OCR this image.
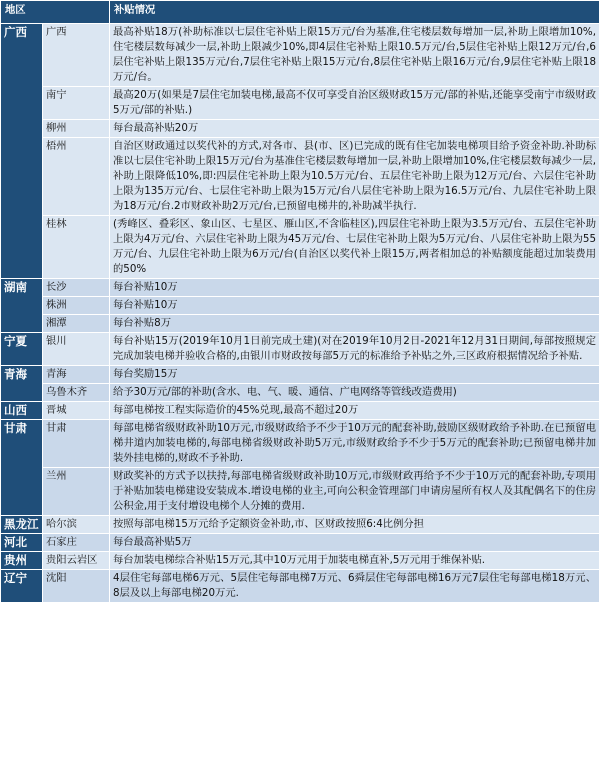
地区		补贴情况
广西	广西	最高补贴18万(补助标准以七层住宅补贴上限15万元/台为基准,住宅楼层数每增加一层,补助上限增加10%,住宅楼层数每减少一层,补助上限减少10%,即4层住宅补贴上限10.5万元/台,5层住宅补贴上限12万元/台,6层住宅补贴上限135万元/台,7层住宅补贴上限15万元/台,8层住宅补贴上限16万元/台,9层住宅补贴上限18万元/台。
	南宁	最高20万(如果是7层住宅加装电梯,最高不仅可享受自治区级财政15万元/部的补贴,还能享受南宁市级财政5万元/部的补贴.)
	柳州	每台最高补贴20万
	梧州	自治区财政通过以奖代补的方式,对各市、县(市、区)已完成的既有住宅加装电梯项目给予资金补助.补助标准以七层住宅补助上限15万元/台为基准住宅楼层数每增加一层,补助上限增加10%,住宅楼层数每减少一层,补助上限降低10%,即:四层住宅补助上限为10.5万元/台、五层住宅补助上限为12万元/台、六层住宅补助上限为135万元/台、七层住宅补助上限为15万元/台八层住宅补助上限为16.5万元/台、九层住宅补助上限为18万元/台.2市财政补助2万元/台,已预留电梯井的,补助减半执行.
	桂林	(秀峰区、叠彩区、象山区、七星区、雁山区,不含临桂区),四层住宅补助上限为3.5万元/台、五层住宅补助上限为4万元/台、六层住宅补助上限为45万元/台、七层住宅补助上限为5万元/台、八层住宅补助上限为55万元/台、九层住宅补助上限为6万元/台(自治区以奖代补上限15万,两者相加总的补贴额度能超过加装费用的50%
湖南	长沙	每台补贴10万
	株洲	每台补贴10万
	湘潭	每台补贴8万
宁夏	银川	每台补贴15万(2019年10月1日前完成土建)(对在2019年10月2日-2021年12月31日期间,每部按照规定完成加装电梯并验收合格的,由银川市财政按每部5万元的标准给予补贴之外,三区政府根据情况给予补贴.
青海	青海	每台奖励15万
	乌鲁木齐	给予30万元/部的补助(含水、电、气、暖、通信、广电网络等管线改造费用)
山西	晋城	每部电梯按工程实际造价的45%兑现,最高不超过20万
甘肃	甘肃	每部电梯省级财政补助10万元,市级财政给予不少于10万元的配套补助,鼓励区级财政给予补助.在已预留电梯井道内加装电梯的,每部电梯省级财政补助5万元,市级财政给予不少于5万元的配套补助;已预留电梯井加装外挂电梯的,财政不予补助.
	兰州	财政奖补的方式予以扶持,每部电梯省级财政补助10万元,市级财政再给予不少于10万元的配套补助,专项用于补贴加装电梯建设安装成本.增设电梯的业主,可向公积金管理部门申请房屋所有权人及其配偶名下的住房公积金,用于支付增设电梯个人分摊的费用.
黑龙江	哈尔滨	按照每部电梯15万元给予定额资金补助,市、区财政按照6:4比例分担
河北	石家庄	每台最高补贴5万
贵州	贵阳云岩区	每台加装电梯综合补贴15万元,其中10万元用于加装电梯直补,5万元用于维保补贴.
辽宁	沈阳	4层住宅每部电梯6万元、5层住宅每部电梯7万元、6舜层住宅每部电梯16万元7层住宅每部电梯18万元、8层及以上每部电梯20万元.
